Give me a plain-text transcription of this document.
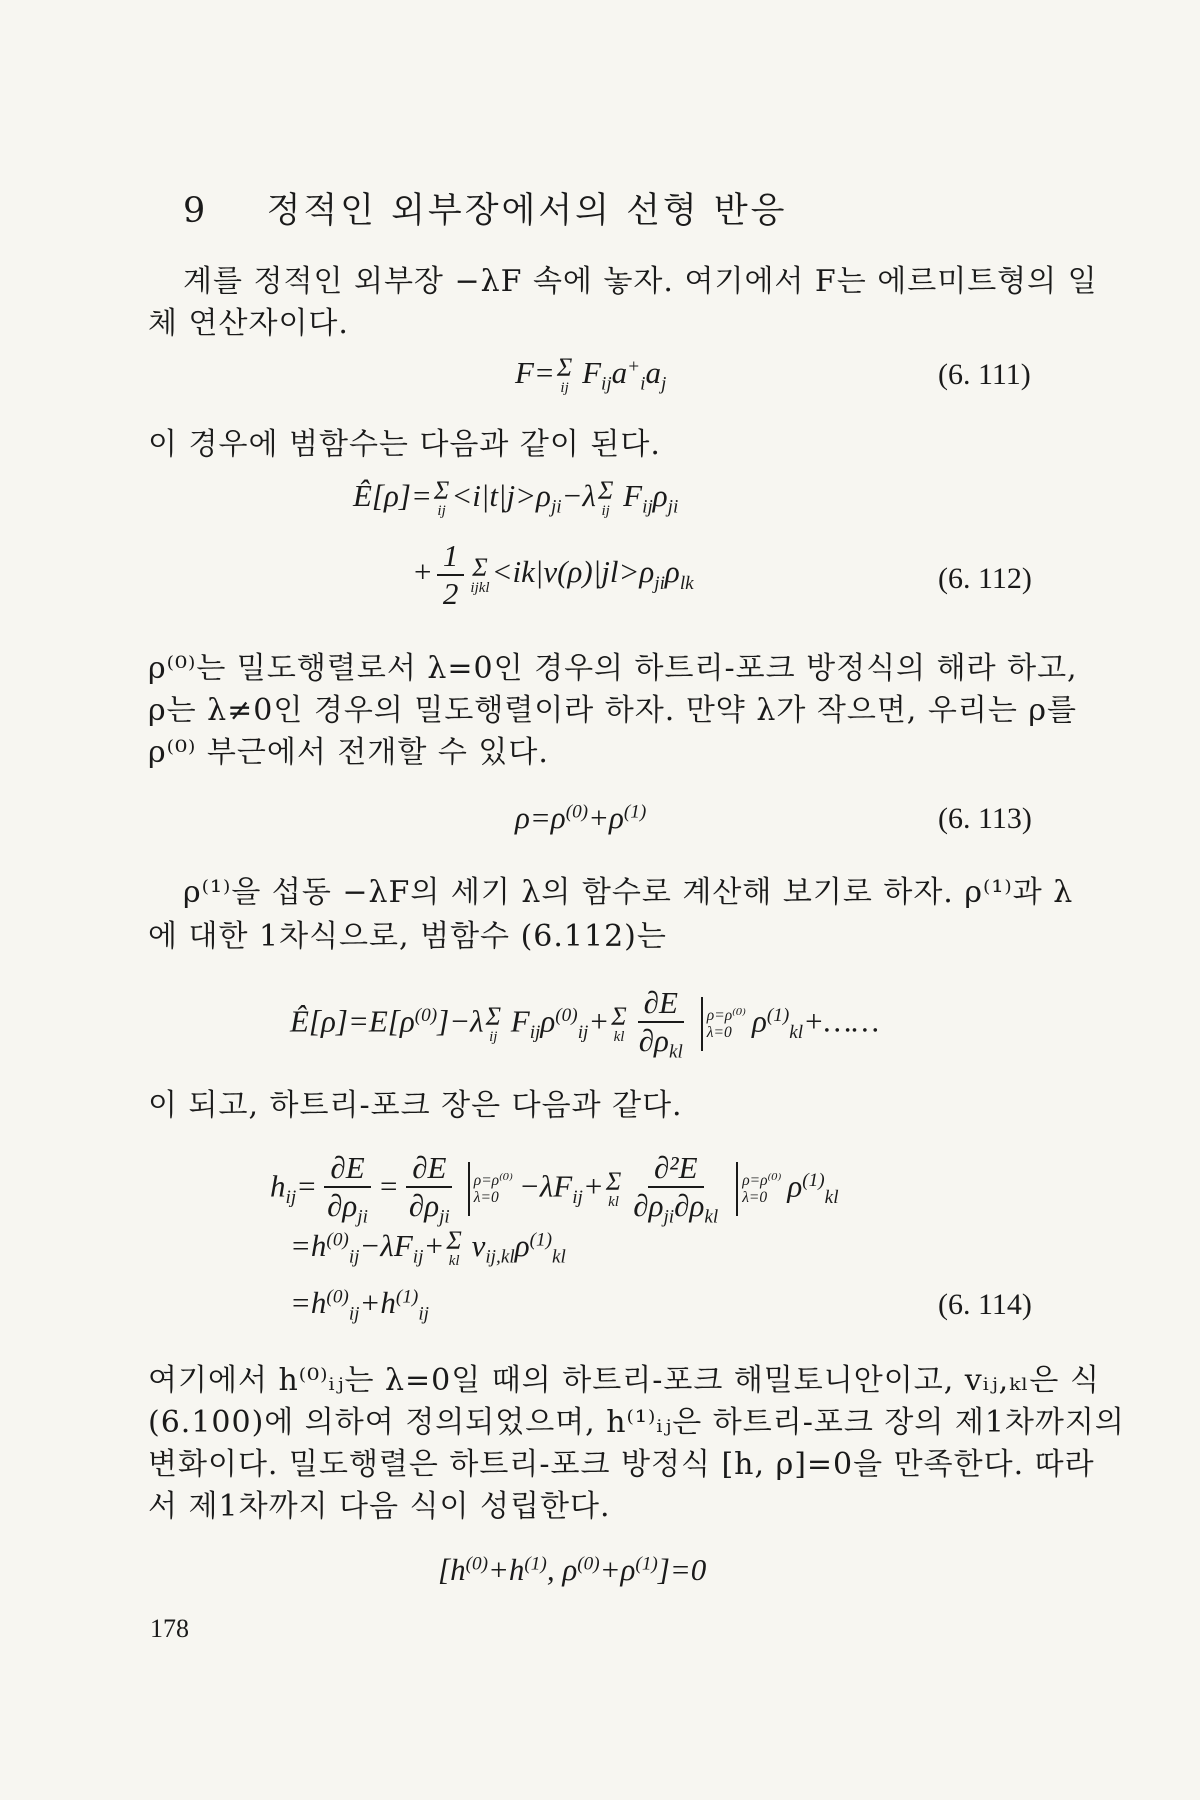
9 정적인 외부장에서의 선형 반응
계를 정적인 외부장 −λF 속에 놓자. 여기에서 F는 에르미트형의 일
체 연산자이다.
F= Σ
ij $F_{ij}a^+_ia_j$	(6. 111)
이 경우에 범함수는 다음과 같이 된다.
Ê[ρ]= Σ
ij $<i|t|j>\rho_{ji}-\lambda$ Σ
ij $F_{ij}\rho_{ji}$
+ $\frac{1}{2}$ Σ
ijkl $<ik|v(\rho)|jl>\rho_{ji}\rho_{lk}$	(6. 112)
ρ⁽⁰⁾는 밀도행렬로서 λ=0인 경우의 하트리-포크 방정식의 해라 하고,
ρ는 λ≠0인 경우의 밀도행렬이라 하자. 만약 λ가 작으면, 우리는 ρ를
ρ⁽⁰⁾ 부근에서 전개할 수 있다.
$\rho=\rho^{(0)}+\rho^{(1)}$	(6. 113)
ρ⁽¹⁾을 섭동 −λF의 세기 λ의 함수로 계산해 보기로 하자. ρ⁽¹⁾과 λ
에 대한 1차식으로, 범함수 (6.112)는
$Ê[\rho]=E[\rho^{(0)}]-\lambda$ Σ
ij $F_{ij}\rho^{(0)}_{ij}+ \Sigma$
kl $\frac{\partial E}{\partial\rho_{kl}} \rho=\rho^{(0)}$
λ=0 $\rho^{(1)}_{kl}+\dots\dots$
이 되고, 하트리-포크 장은 다음과 같다.
$h_{ij}= \frac{\partial E}{\partial\rho_{ji}} = \frac{\partial E}{\partial\rho_{ji}} \rho=\rho^{(0)}$
$\lambda=0 -\lambda F_{ij}+ \Sigma$
kl $\frac{\text{∂²E}}{\partial\rho_{ji}\partial\rho_{kl}} \rho=\rho^{(0)}$
λ=0 $\rho^{(1)}_{kl}$
$=h^{(0)}_{ij}-\lambda F_{ij}+ \Sigma$
kl $v_{ij,kl}\rho^{(1)}_{kl}$
$=h^{(0)}_{ij}+h^{(1)}_{ij}$	(6. 114)
여기에서 h⁽⁰⁾ᵢⱼ는 λ=0일 때의 하트리-포크 해밀토니안이고, vᵢⱼ,ₖₗ은 식
(6.100)에 의하여 정의되었으며, h⁽¹⁾ᵢⱼ은 하트리-포크 장의 제1차까지의
변화이다. 밀도행렬은 하트리-포크 방정식 [h, ρ]=0을 만족한다. 따라
서 제1차까지 다음 식이 성립한다.
[$h^{(0)}+h^{(1)}$, $\rho^{(0)}+\rho^{(1)}]=0$
178
